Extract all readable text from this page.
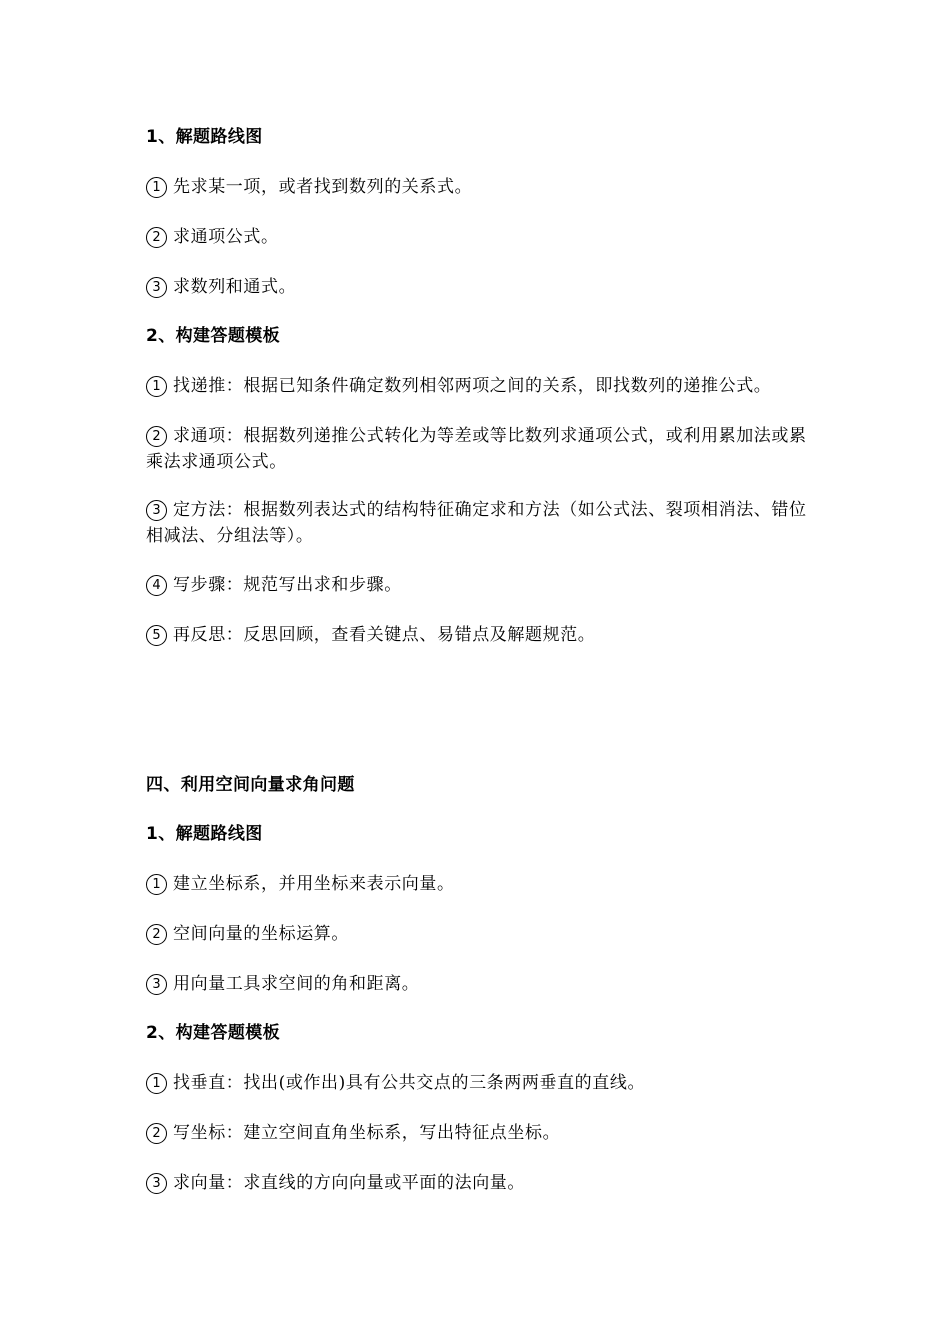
1、解题路线图
1 先求某一项，或者找到数列的关系式。
2 求通项公式。
3 求数列和通式。
2、构建答题模板
1 找递推：根据已知条件确定数列相邻两项之间的关系，即找数列的递推公式。
2 求通项：根据数列递推公式转化为等差或等比数列求通项公式，或利用累加法或累乘法求通项公式。
3 定方法：根据数列表达式的结构特征确定求和方法（如公式法、裂项相消法、错位相减法、分组法等）。
4 写步骤：规范写出求和步骤。
5 再反思：反思回顾，查看关键点、易错点及解题规范。
四、利用空间向量求角问题
1、解题路线图
1 建立坐标系，并用坐标来表示向量。
2 空间向量的坐标运算。
3 用向量工具求空间的角和距离。
2、构建答题模板
1 找垂直：找出(或作出)具有公共交点的三条两两垂直的直线。
2 写坐标：建立空间直角坐标系，写出特征点坐标。
3 求向量：求直线的方向向量或平面的法向量。
